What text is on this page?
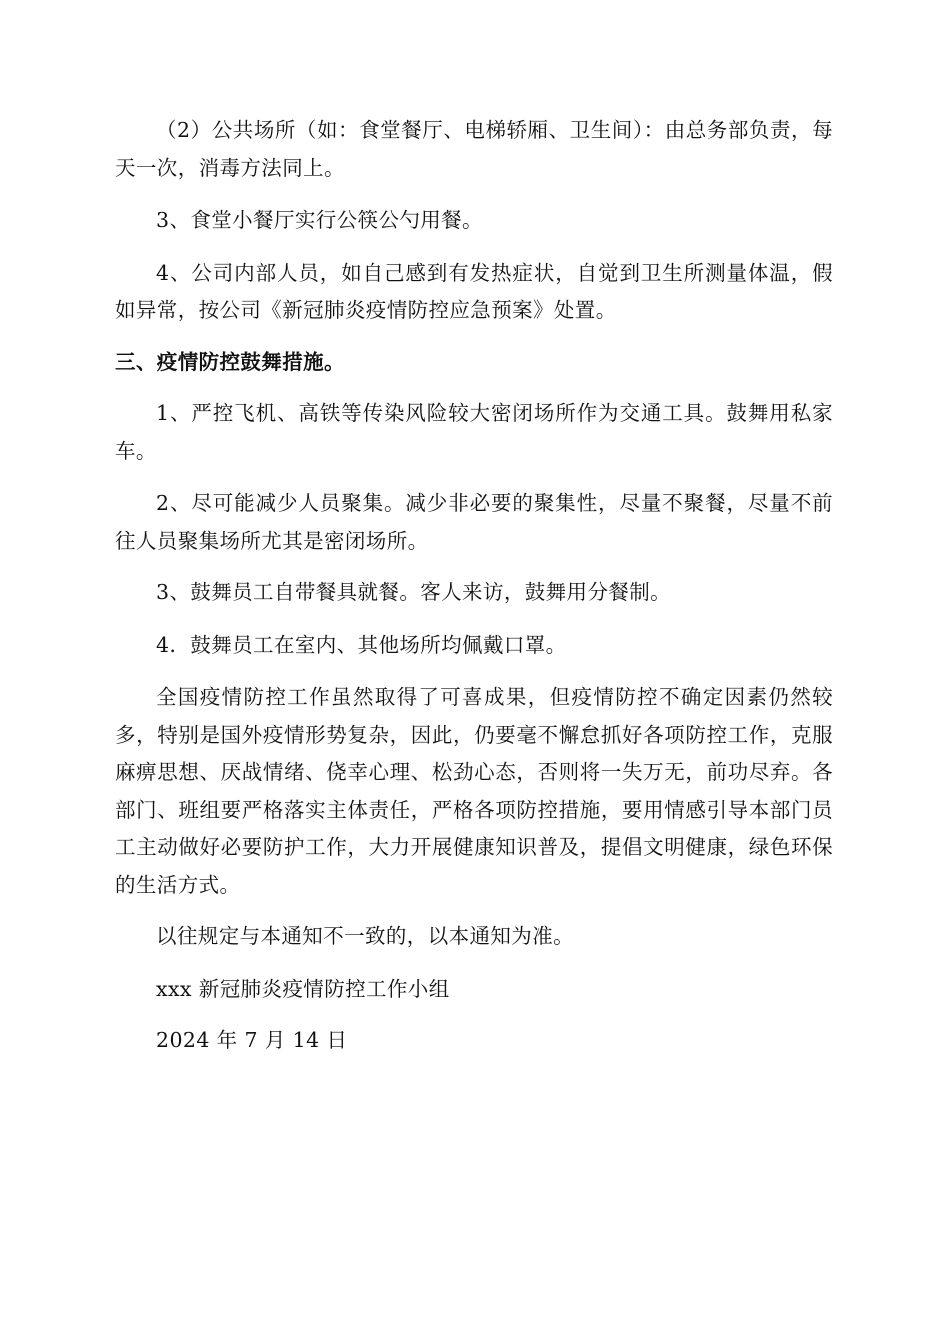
（2）公共场所（如：食堂餐厅、电梯轿厢、卫生间）：由总务部负责，每天一次，消毒方法同上。

3、食堂小餐厅实行公筷公勺用餐。

4、公司内部人员，如自己感到有发热症状，自觉到卫生所测量体温，假如异常，按公司《新冠肺炎疫情防控应急预案》处置。

三、疫情防控鼓舞措施。

1、严控飞机、高铁等传染风险较大密闭场所作为交通工具。鼓舞用私家车。

2、尽可能减少人员聚集。减少非必要的聚集性，尽量不聚餐，尽量不前往人员聚集场所尤其是密闭场所。

3、鼓舞员工自带餐具就餐。客人来访，鼓舞用分餐制。

4．鼓舞员工在室内、其他场所均佩戴口罩。

全国疫情防控工作虽然取得了可喜成果，但疫情防控不确定因素仍然较多，特别是国外疫情形势复杂，因此，仍要毫不懈怠抓好各项防控工作，克服麻痹思想、厌战情绪、侥幸心理、松劲心态，否则将一失万无，前功尽弃。各部门、班组要严格落实主体责任，严格各项防控措施，要用情感引导本部门员工主动做好必要防护工作，大力开展健康知识普及，提倡文明健康，绿色环保的生活方式。

以往规定与本通知不一致的，以本通知为准。

xxx 新冠肺炎疫情防控工作小组

2024 年 7 月 14 日
